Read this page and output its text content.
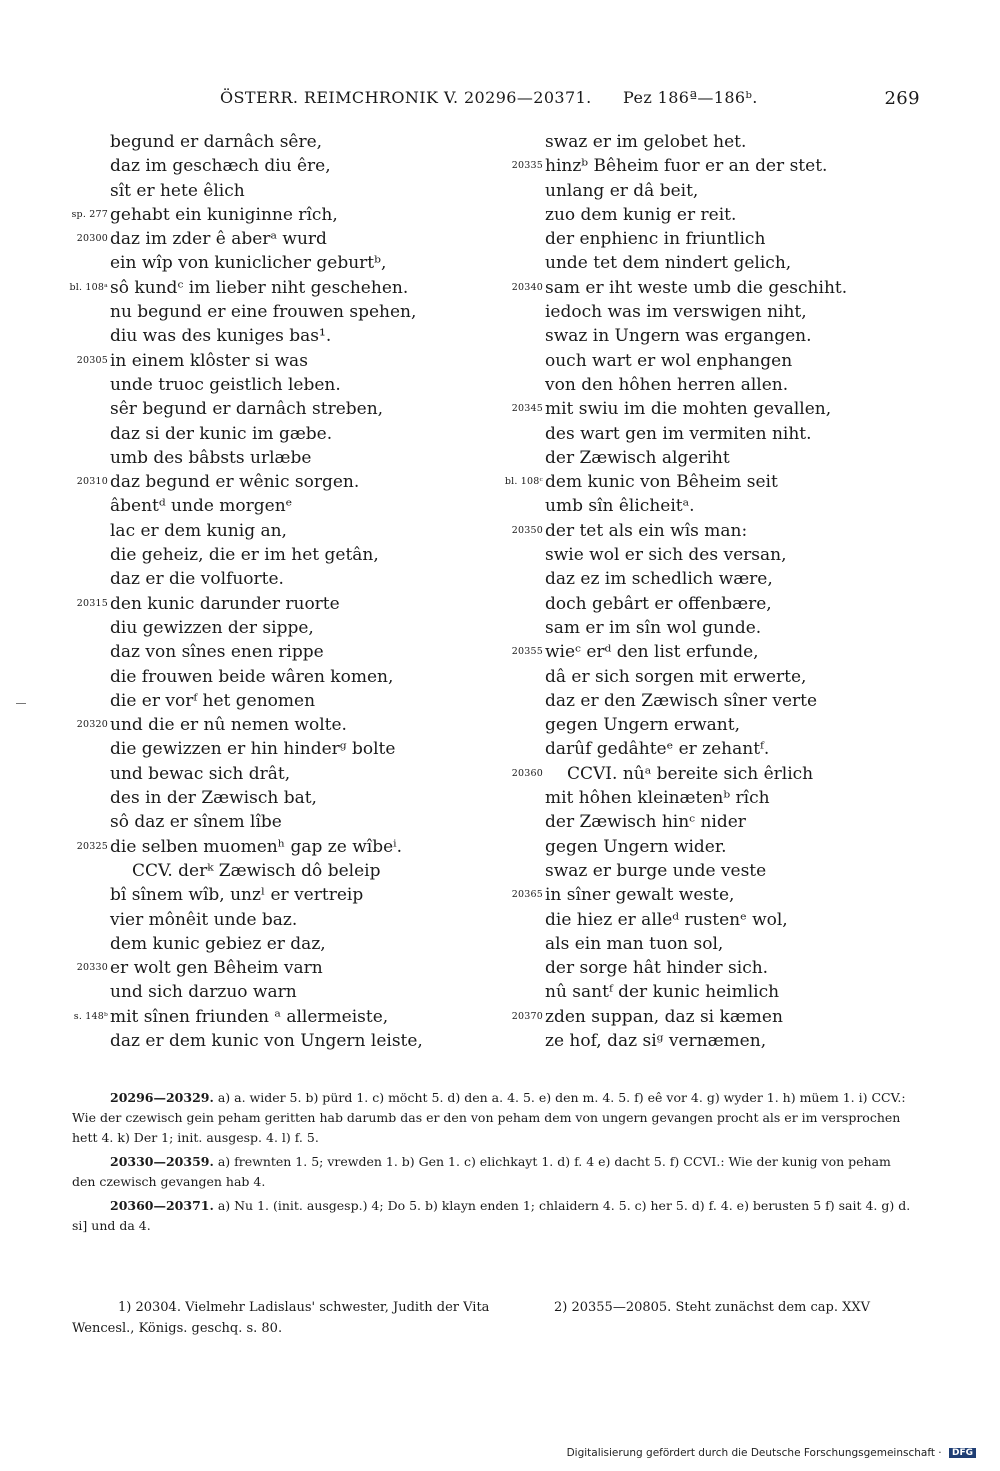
ÖSTERR. REIMCHRONIK V. 20296—20371. Pez 186ª—186ᵇ.	269
begund er darnâch sêre,
daz im geschæch diu êre,
sît er hete êlich
sp. 277 gehabt ein kuniginne rîch,
20300 daz im zder ê aberᵃ wurd
ein wîp von kuniclicher geburtᵇ,
bl. 108ᵃ sô kundᶜ im lieber niht geschehen.
nu begund er eine frouwen spehen,
diu was des kuniges bas¹.
20305 in einem klôster si was
unde truoc geistlich leben.
sêr begund er darnâch streben,
daz si der kunic im gæbe.
umb des bâbsts urlæbe
20310 daz begund er wênic sorgen.
âbentᵈ unde morgenᵉ
lac er dem kunig an,
die geheiz, die er im het getân,
daz er die volfuorte.
20315 den kunic darunder ruorte
diu gewizzen der sippe,
daz von sînes enen rippe
die frouwen beide wâren komen,
die er vorᶠ het genomen
20320 und die er nû nemen wolte.
die gewizzen er hin hinderᵍ bolte
und bewac sich drât,
des in der Zæwisch bat,
sô daz er sînem lîbe
20325 die selben muomenʰ gap ze wîbeⁱ.
CCV. derᵏ Zæwisch dô beleip
bî sînem wîb, unzˡ er vertreip
vier mônêit unde baz.
dem kunic gebiez er daz,
20330 er wolt gen Bêheim varn
und sich darzuo warn
s. 148ᵇ mit sînen friunden ᵃ allermeiste,
daz er dem kunic von Ungern leiste,
swaz er im gelobet het.
20335 hinzᵇ Bêheim fuor er an der stet.
unlang er dâ beit,
zuo dem kunig er reit.
der enphienc in friuntlich
unde tet dem nindert gelich,
20340 sam er iht weste umb die geschiht.
iedoch was im verswigen niht,
swaz in Ungern was ergangen.
ouch wart er wol enphangen
von den hôhen herren allen.
20345 mit swiu im die mohten gevallen,
des wart gen im vermiten niht.
der Zæwisch algeriht
bl. 108ᶜ dem kunic von Bêheim seit
umb sîn êlicheitᵃ.
20350 der tet als ein wîs man:
swie wol er sich des versan,
daz ez im schedlich wære,
doch gebârt er offenbære,
sam er im sîn wol gunde.
20355 wieᶜ erᵈ den list erfunde,
dâ er sich sorgen mit erwerte,
daz er den Zæwisch sîner verte
gegen Ungern erwant,
darûf gedâhteᵉ er zehantᶠ.
20360 CCVI. nûᵃ bereite sich êrlich
mit hôhen kleinætenᵇ rîch
der Zæwisch hinᶜ nider
gegen Ungern wider.
swaz er burge unde veste
20365 in sîner gewalt weste,
die hiez er alleᵈ rustenᵉ wol,
als ein man tuon sol,
der sorge hât hinder sich.
nû santᶠ der kunic heimlich
20370 zden suppan, daz si kæmen
ze hof, daz siᵍ vernæmen,

20296—20329. a) a. wider 5. b) pürd 1. c) möcht 5. d) den a. 4. 5. e) den m. 4. 5. f) eê vor 4. g) wyder 1. h) müem 1. i) CCV.: Wie der czewisch gein peham geritten hab darumb das er den von peham dem von ungern gevangen procht als er im versprochen hett 4. k) Der 1; init. ausgesp. 4. l) f. 5.

20330—20359. a) frewnten 1. 5; vrewden 1. b) Gen 1. c) elichkayt 1. d) f. 4 e) dacht 5. f) CCVI.: Wie der kunig von peham den czewisch gevangen hab 4.

20360—20371. a) Nu 1. (init. ausgesp.) 4; Do 5. b) klayn enden 1; chlaidern 4. 5. c) her 5. d) f. 4. e) berusten 5 f) sait 4. g) d. si] und da 4.

1) 20304. Vielmehr Ladislaus' schwester, Judith der Vita Wencesl., Königs. geschq. s. 80.
2) 20355—20805. Steht zunächst dem cap. XXV
Digitalisierung gefördert durch die Deutsche Forschungsgemeinschaft · DFG
